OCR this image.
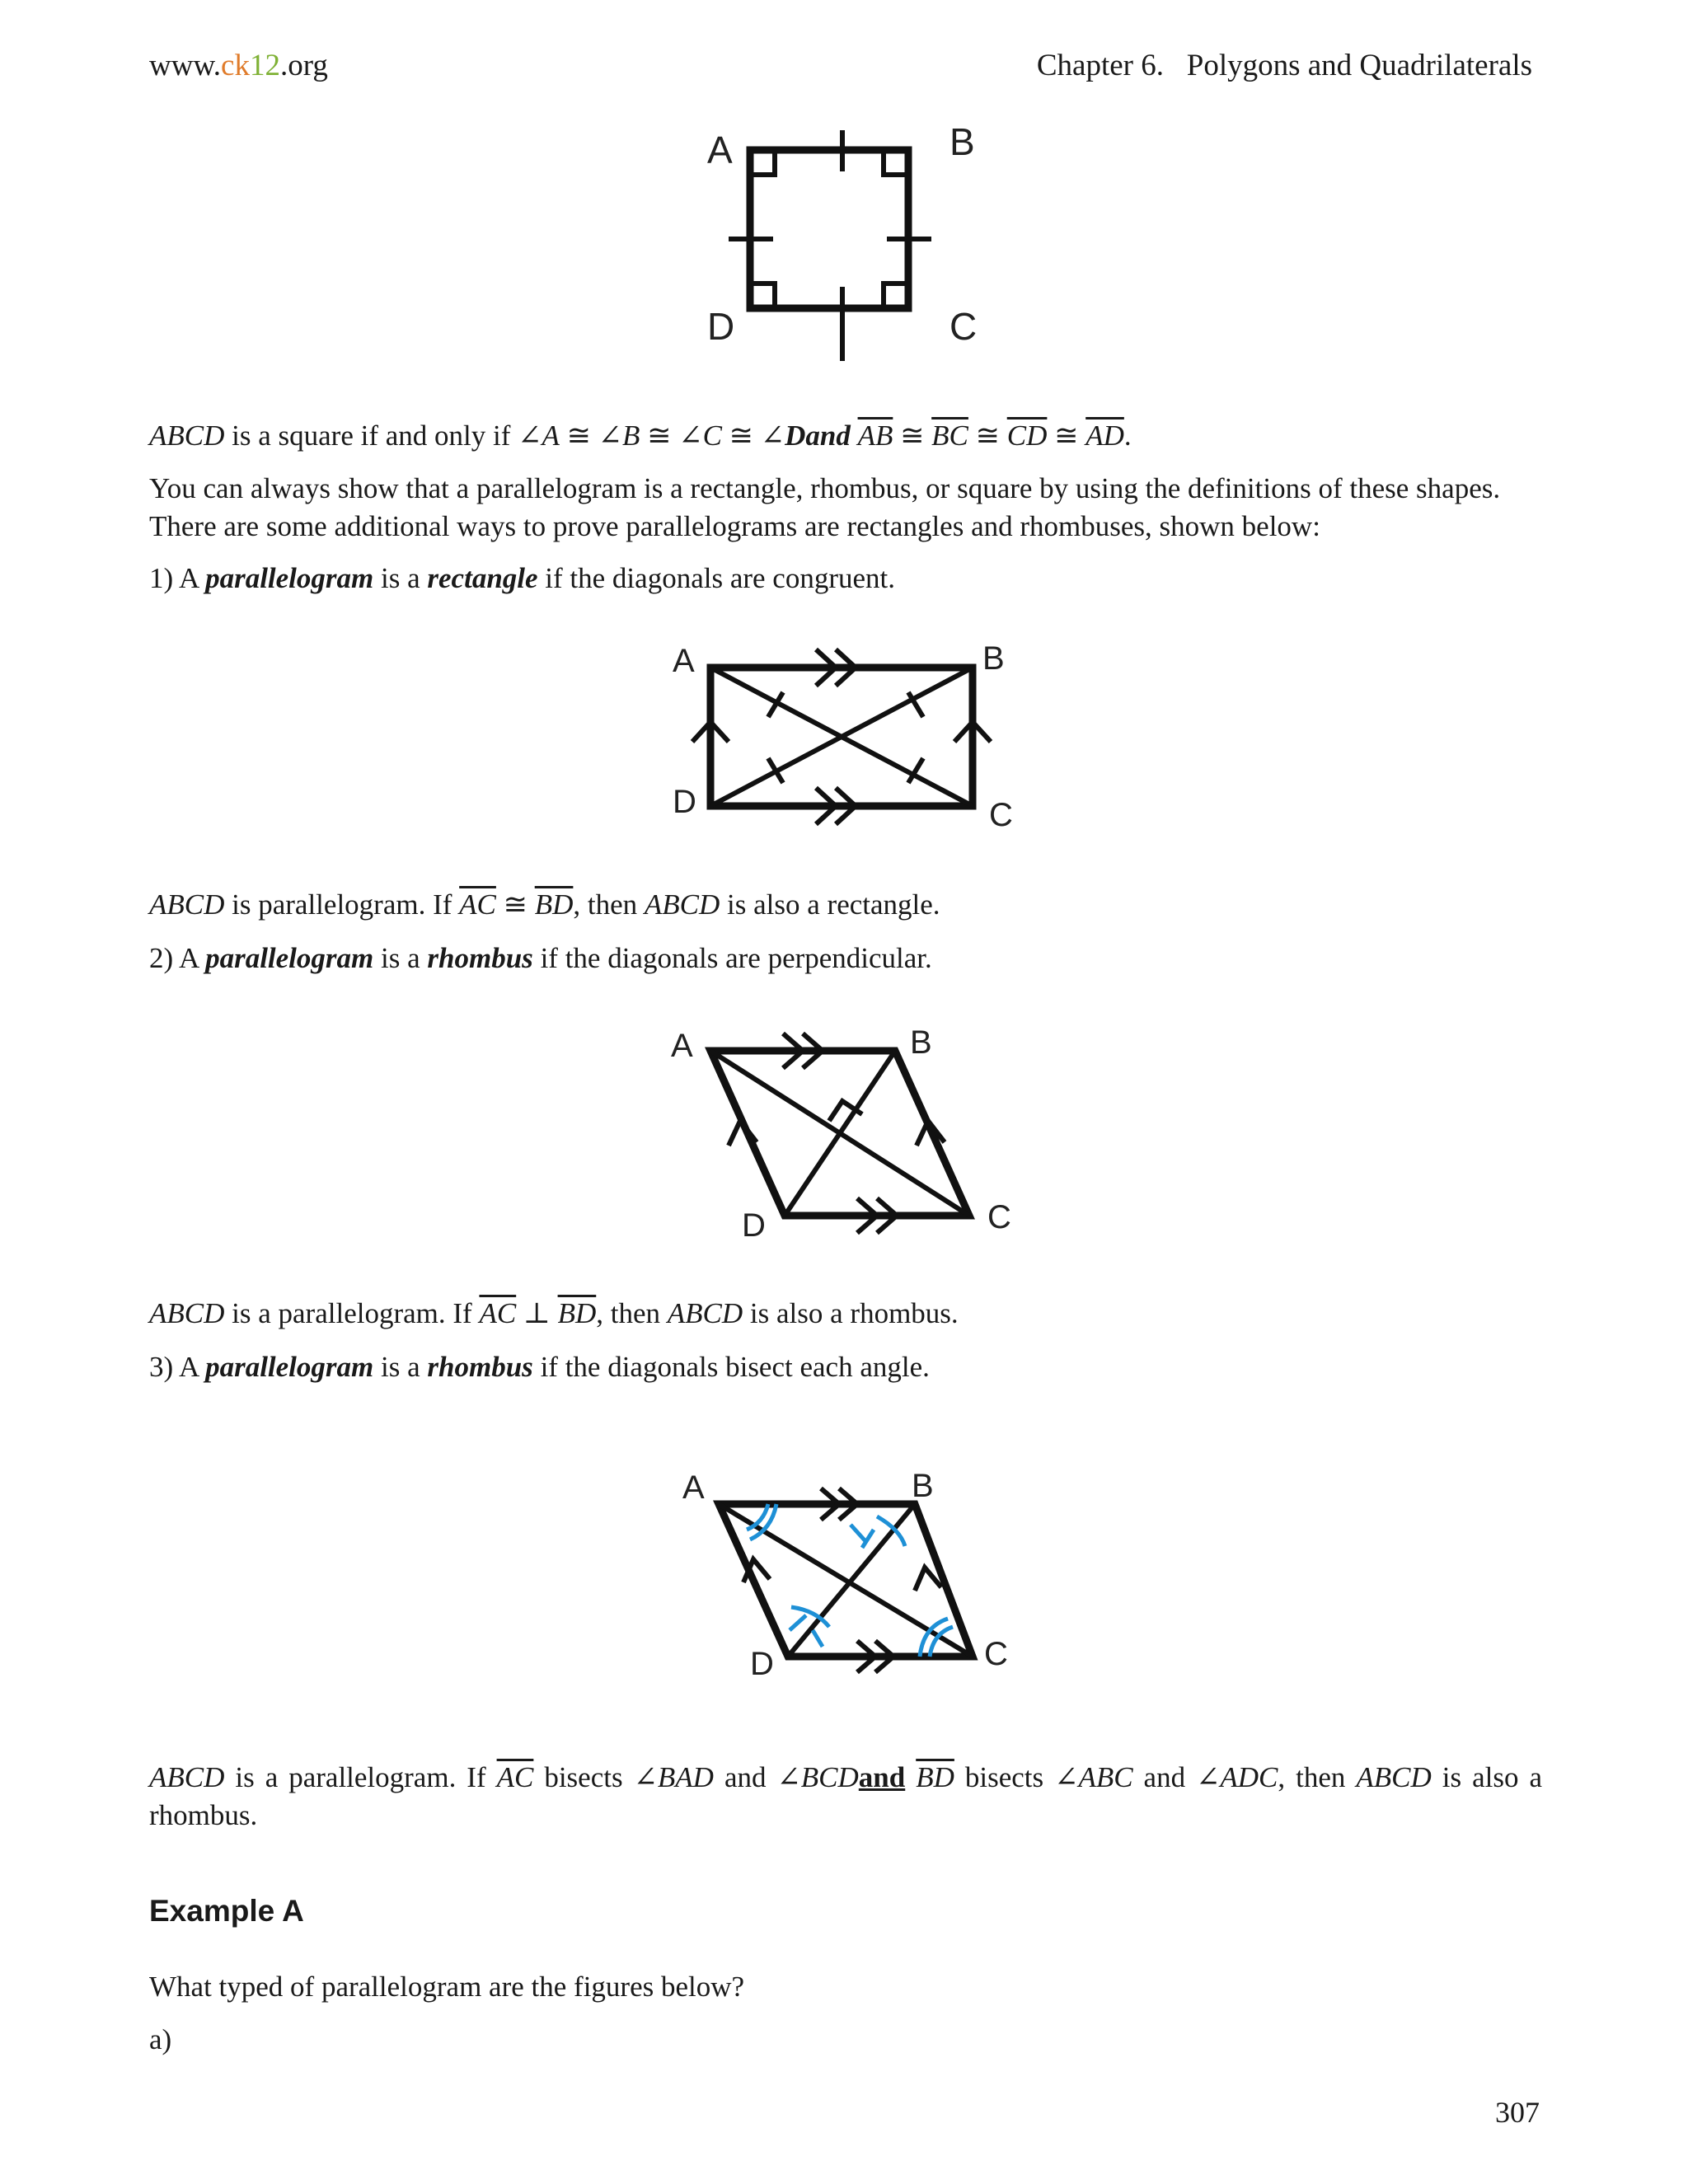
www.ck12.org	Chapter 6.   Polygons and Quadrilaterals
A	B
C
D
ABCD is a square if and only if ∠A ≅ ∠B ≅ ∠C ≅ ∠Dand $\overline{AB}$ ≅ $\overline{BC}$ ≅ $\overline{CD}$ ≅ $\overline{AD}$.
You can always show that a parallelogram is a rectangle, rhombus, or square by using the definitions of these shapes. There are some additional ways to prove parallelograms are rectangles and rhombuses, shown below:
1) A parallelogram is a rectangle if the diagonals are congruent.
A	B
C
D
ABCD is parallelogram. If $\overline{AC}$ ≅ $\overline{BD}$, then ABCD is also a rectangle.
2) A parallelogram is a rhombus if the diagonals are perpendicular.
A	B
C
D
ABCD is a parallelogram. If $\overline{AC}$ ⊥ $\overline{BD}$, then ABCD is also a rhombus.
3) A parallelogram is a rhombus if the diagonals bisect each angle.
A	B
C
D
ABCD is a parallelogram. If $\overline{AC}$ bisects ∠BAD and ∠BCDand $\overline{BD}$ bisects ∠ABC and ∠ADC, then ABCD is also a rhombus.
Example A
What typed of parallelogram are the figures below?
a)
307
